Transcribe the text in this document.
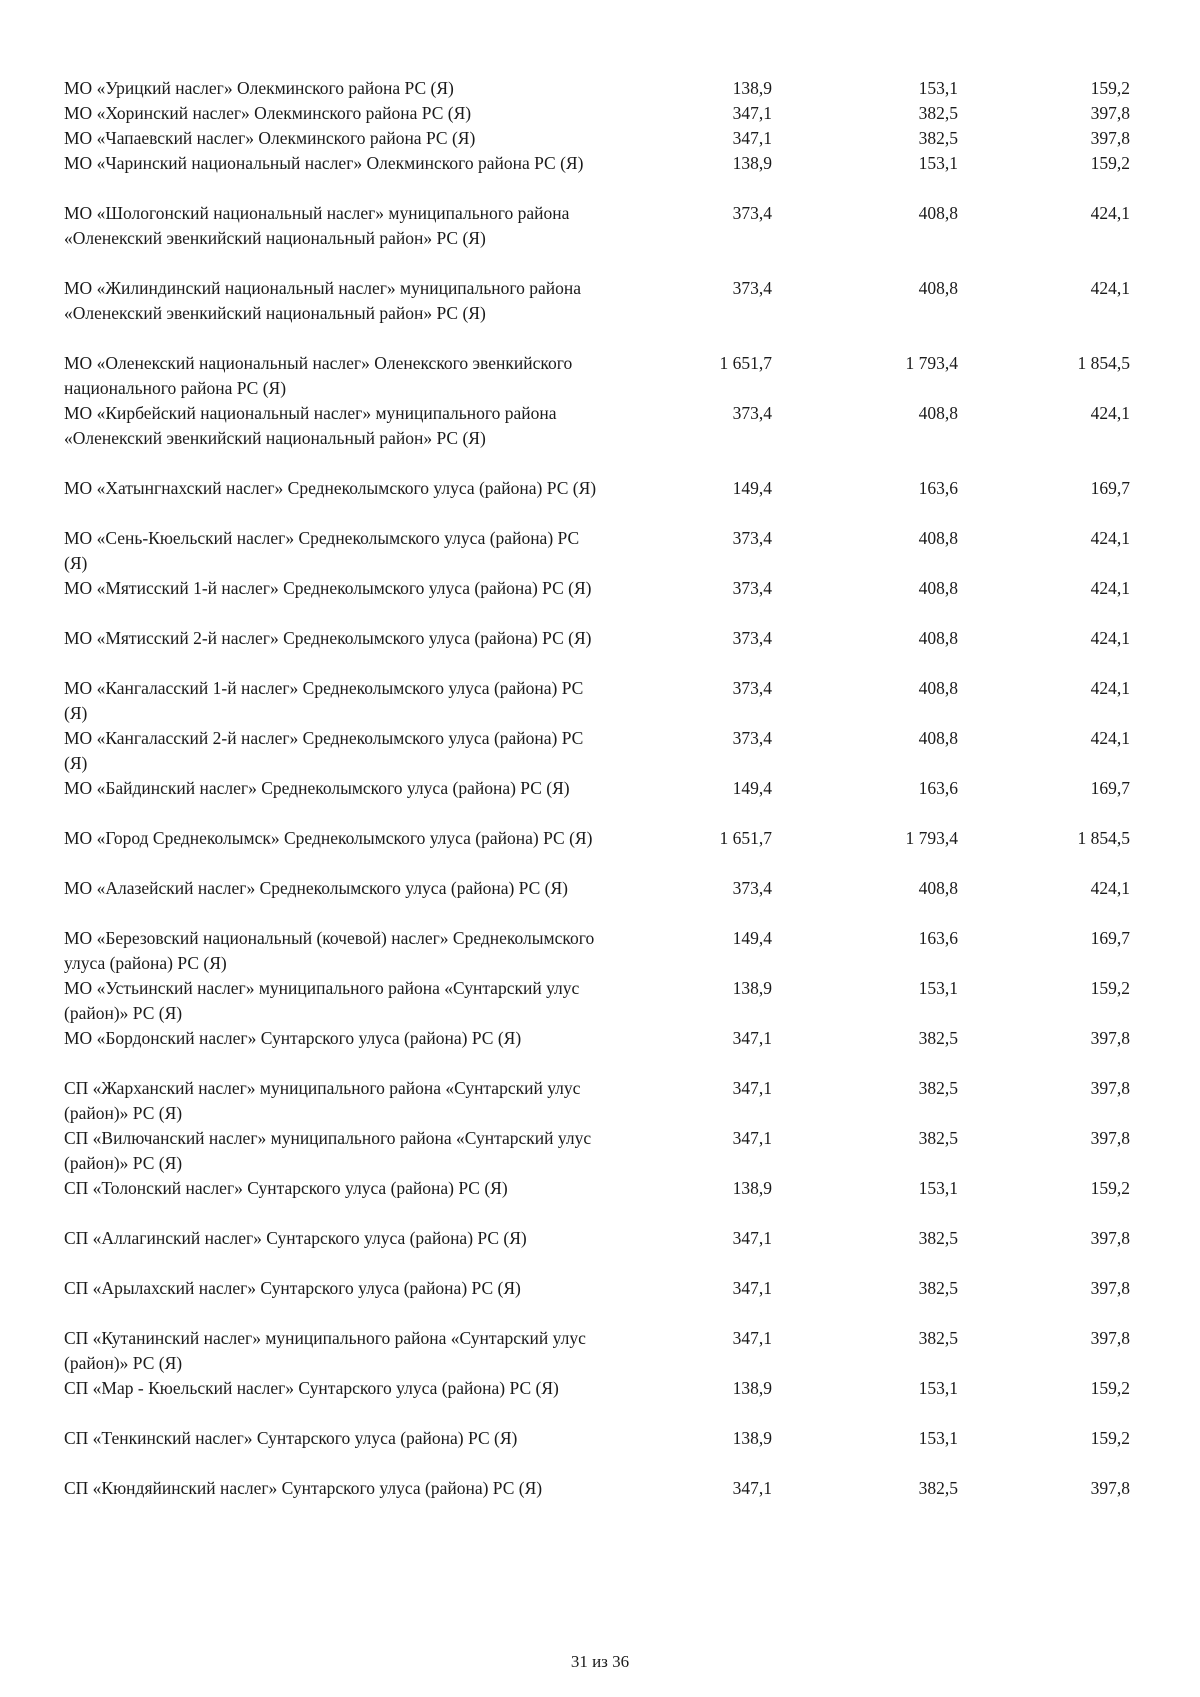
МО «Урицкий наслег» Олекминского района РС (Я)	138,9	153,1	159,2
МО «Хоринский наслег» Олекминского района РС (Я)	347,1	382,5	397,8
МО «Чапаевский наслег» Олекминского района РС (Я)	347,1	382,5	397,8
МО «Чаринский национальный наслег» Олекминского района РС (Я)	138,9	153,1	159,2
МО «Шологонский национальный наслег» муниципального района «Оленекский эвенкийский национальный район» РС (Я)
373,4	408,8	424,1
МО «Жилиндинский национальный наслег» муниципального района «Оленекский эвенкийский национальный район» РС (Я)
373,4	408,8	424,1
МО «Оленекский национальный наслег» Оленекского эвенкийского национального района РС (Я)
1 651,7	1 793,4	1 854,5
МО «Кирбейский национальный наслег» муниципального района «Оленекский эвенкийский национальный район» РС (Я)
373,4	408,8	424,1
МО «Хатынгнахский наслег» Среднеколымского улуса (района) РС (Я)	149,4	163,6	169,7
МО «Сень-Кюельский наслег» Среднеколымского улуса (района) РС (Я)
373,4	408,8	424,1
МО «Мятисский 1-й наслег» Среднеколымского улуса (района) РС (Я)	373,4	408,8	424,1
МО «Мятисский 2-й наслег» Среднеколымского улуса (района) РС (Я)	373,4	408,8	424,1
МО «Кангаласский 1-й наслег» Среднеколымского улуса (района) РС (Я)
373,4	408,8	424,1
МО «Кангаласский 2-й наслег» Среднеколымского улуса (района) РС (Я)
373,4	408,8	424,1
МО «Байдинский наслег» Среднеколымского улуса (района) РС (Я)	149,4	163,6	169,7
МО «Город Среднеколымск» Среднеколымского улуса (района) РС (Я)	1 651,7	1 793,4	1 854,5
МО «Алазейский наслег» Среднеколымского улуса (района) РС (Я)	373,4	408,8	424,1
МО «Березовский национальный (кочевой) наслег» Среднеколымского улуса (района) РС (Я)
149,4	163,6	169,7
МО «Устьинский наслег» муниципального района «Сунтарский улус (район)» РС (Я)
138,9	153,1	159,2
МО «Бордонский наслег» Сунтарского улуса (района) РС (Я)	347,1	382,5	397,8
СП «Жарханский наслег» муниципального района «Сунтарский улус (район)» РС (Я)
347,1	382,5	397,8
СП «Вилючанский наслег» муниципального района «Сунтарский улус (район)» РС (Я)
347,1	382,5	397,8
СП «Толонский наслег» Сунтарского улуса (района) РС (Я)	138,9	153,1	159,2
СП «Аллагинский наслег» Сунтарского улуса (района) РС (Я)	347,1	382,5	397,8
СП «Арылахский наслег» Сунтарского улуса (района) РС (Я)	347,1	382,5	397,8
СП «Кутанинский наслег» муниципального района «Сунтарский улус (район)» РС (Я)
347,1	382,5	397,8
СП «Мар - Кюельский наслег» Сунтарского улуса (района) РС (Я)	138,9	153,1	159,2
СП «Тенкинский наслег» Сунтарского улуса (района) РС (Я)	138,9	153,1	159,2
СП «Кюндяйинский наслег» Сунтарского улуса (района) РС (Я)	347,1	382,5	397,8
31 из 36
